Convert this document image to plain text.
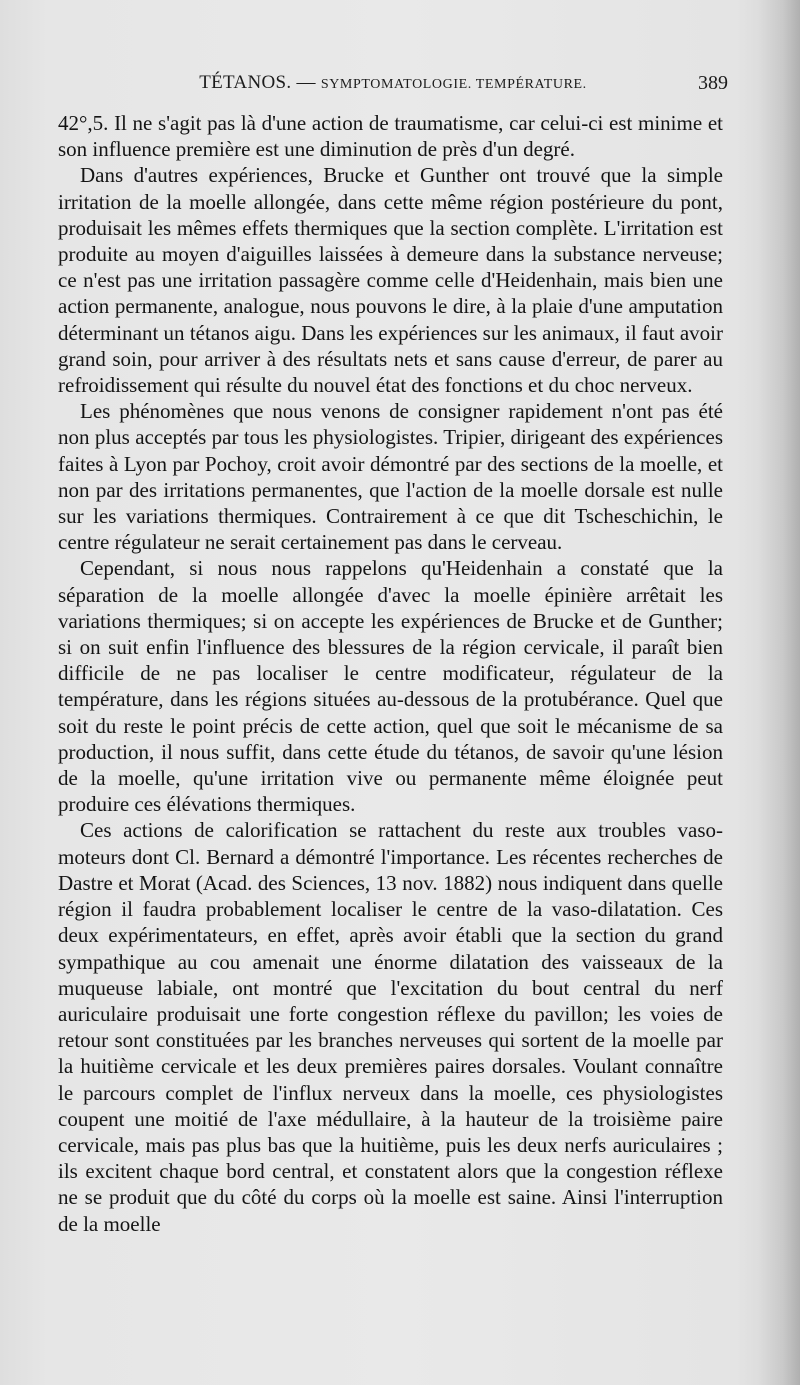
TÉTANOS. — SYMPTOMATOLOGIE. TEMPÉRATURE.	389

42°,5. Il ne s'agit pas là d'une action de traumatisme, car celui-ci est minime et son influence première est une diminution de près d'un degré.

Dans d'autres expériences, Brucke et Gunther ont trouvé que la simple irritation de la moelle allongée, dans cette même région postérieure du pont, produisait les mêmes effets thermiques que la section complète. L'irritation est produite au moyen d'aiguilles laissées à demeure dans la substance nerveuse; ce n'est pas une irritation passagère comme celle d'Heidenhain, mais bien une action permanente, analogue, nous pouvons le dire, à la plaie d'une amputation déterminant un tétanos aigu. Dans les expériences sur les animaux, il faut avoir grand soin, pour arriver à des résultats nets et sans cause d'erreur, de parer au refroidissement qui résulte du nouvel état des fonctions et du choc nerveux.

Les phénomènes que nous venons de consigner rapidement n'ont pas été non plus acceptés par tous les physiologistes. Tripier, dirigeant des expériences faites à Lyon par Pochoy, croit avoir démontré par des sections de la moelle, et non par des irritations permanentes, que l'action de la moelle dorsale est nulle sur les variations thermiques. Contrairement à ce que dit Tscheschichin, le centre régulateur ne serait certainement pas dans le cerveau.

Cependant, si nous nous rappelons qu'Heidenhain a constaté que la séparation de la moelle allongée d'avec la moelle épinière arrêtait les variations thermiques; si on accepte les expériences de Brucke et de Gunther; si on suit enfin l'influence des blessures de la région cervicale, il paraît bien difficile de ne pas localiser le centre modificateur, régulateur de la température, dans les régions situées au-dessous de la protubérance. Quel que soit du reste le point précis de cette action, quel que soit le mécanisme de sa production, il nous suffit, dans cette étude du tétanos, de savoir qu'une lésion de la moelle, qu'une irritation vive ou permanente même éloignée peut produire ces élévations thermiques.

Ces actions de calorification se rattachent du reste aux troubles vaso-moteurs dont Cl. Bernard a démontré l'importance. Les récentes recherches de Dastre et Morat (Acad. des Sciences, 13 nov. 1882) nous indiquent dans quelle région il faudra probablement localiser le centre de la vaso-dilatation. Ces deux expérimentateurs, en effet, après avoir établi que la section du grand sympathique au cou amenait une énorme dilatation des vaisseaux de la muqueuse labiale, ont montré que l'excitation du bout central du nerf auriculaire produisait une forte congestion réflexe du pavillon; les voies de retour sont constituées par les branches nerveuses qui sortent de la moelle par la huitième cervicale et les deux premières paires dorsales. Voulant connaître le parcours complet de l'influx nerveux dans la moelle, ces physiologistes coupent une moitié de l'axe médullaire, à la hauteur de la troisième paire cervicale, mais pas plus bas que la huitième, puis les deux nerfs auriculaires ; ils excitent chaque bord central, et constatent alors que la congestion réflexe ne se produit que du côté du corps où la moelle est saine. Ainsi l'interruption de la moelle
